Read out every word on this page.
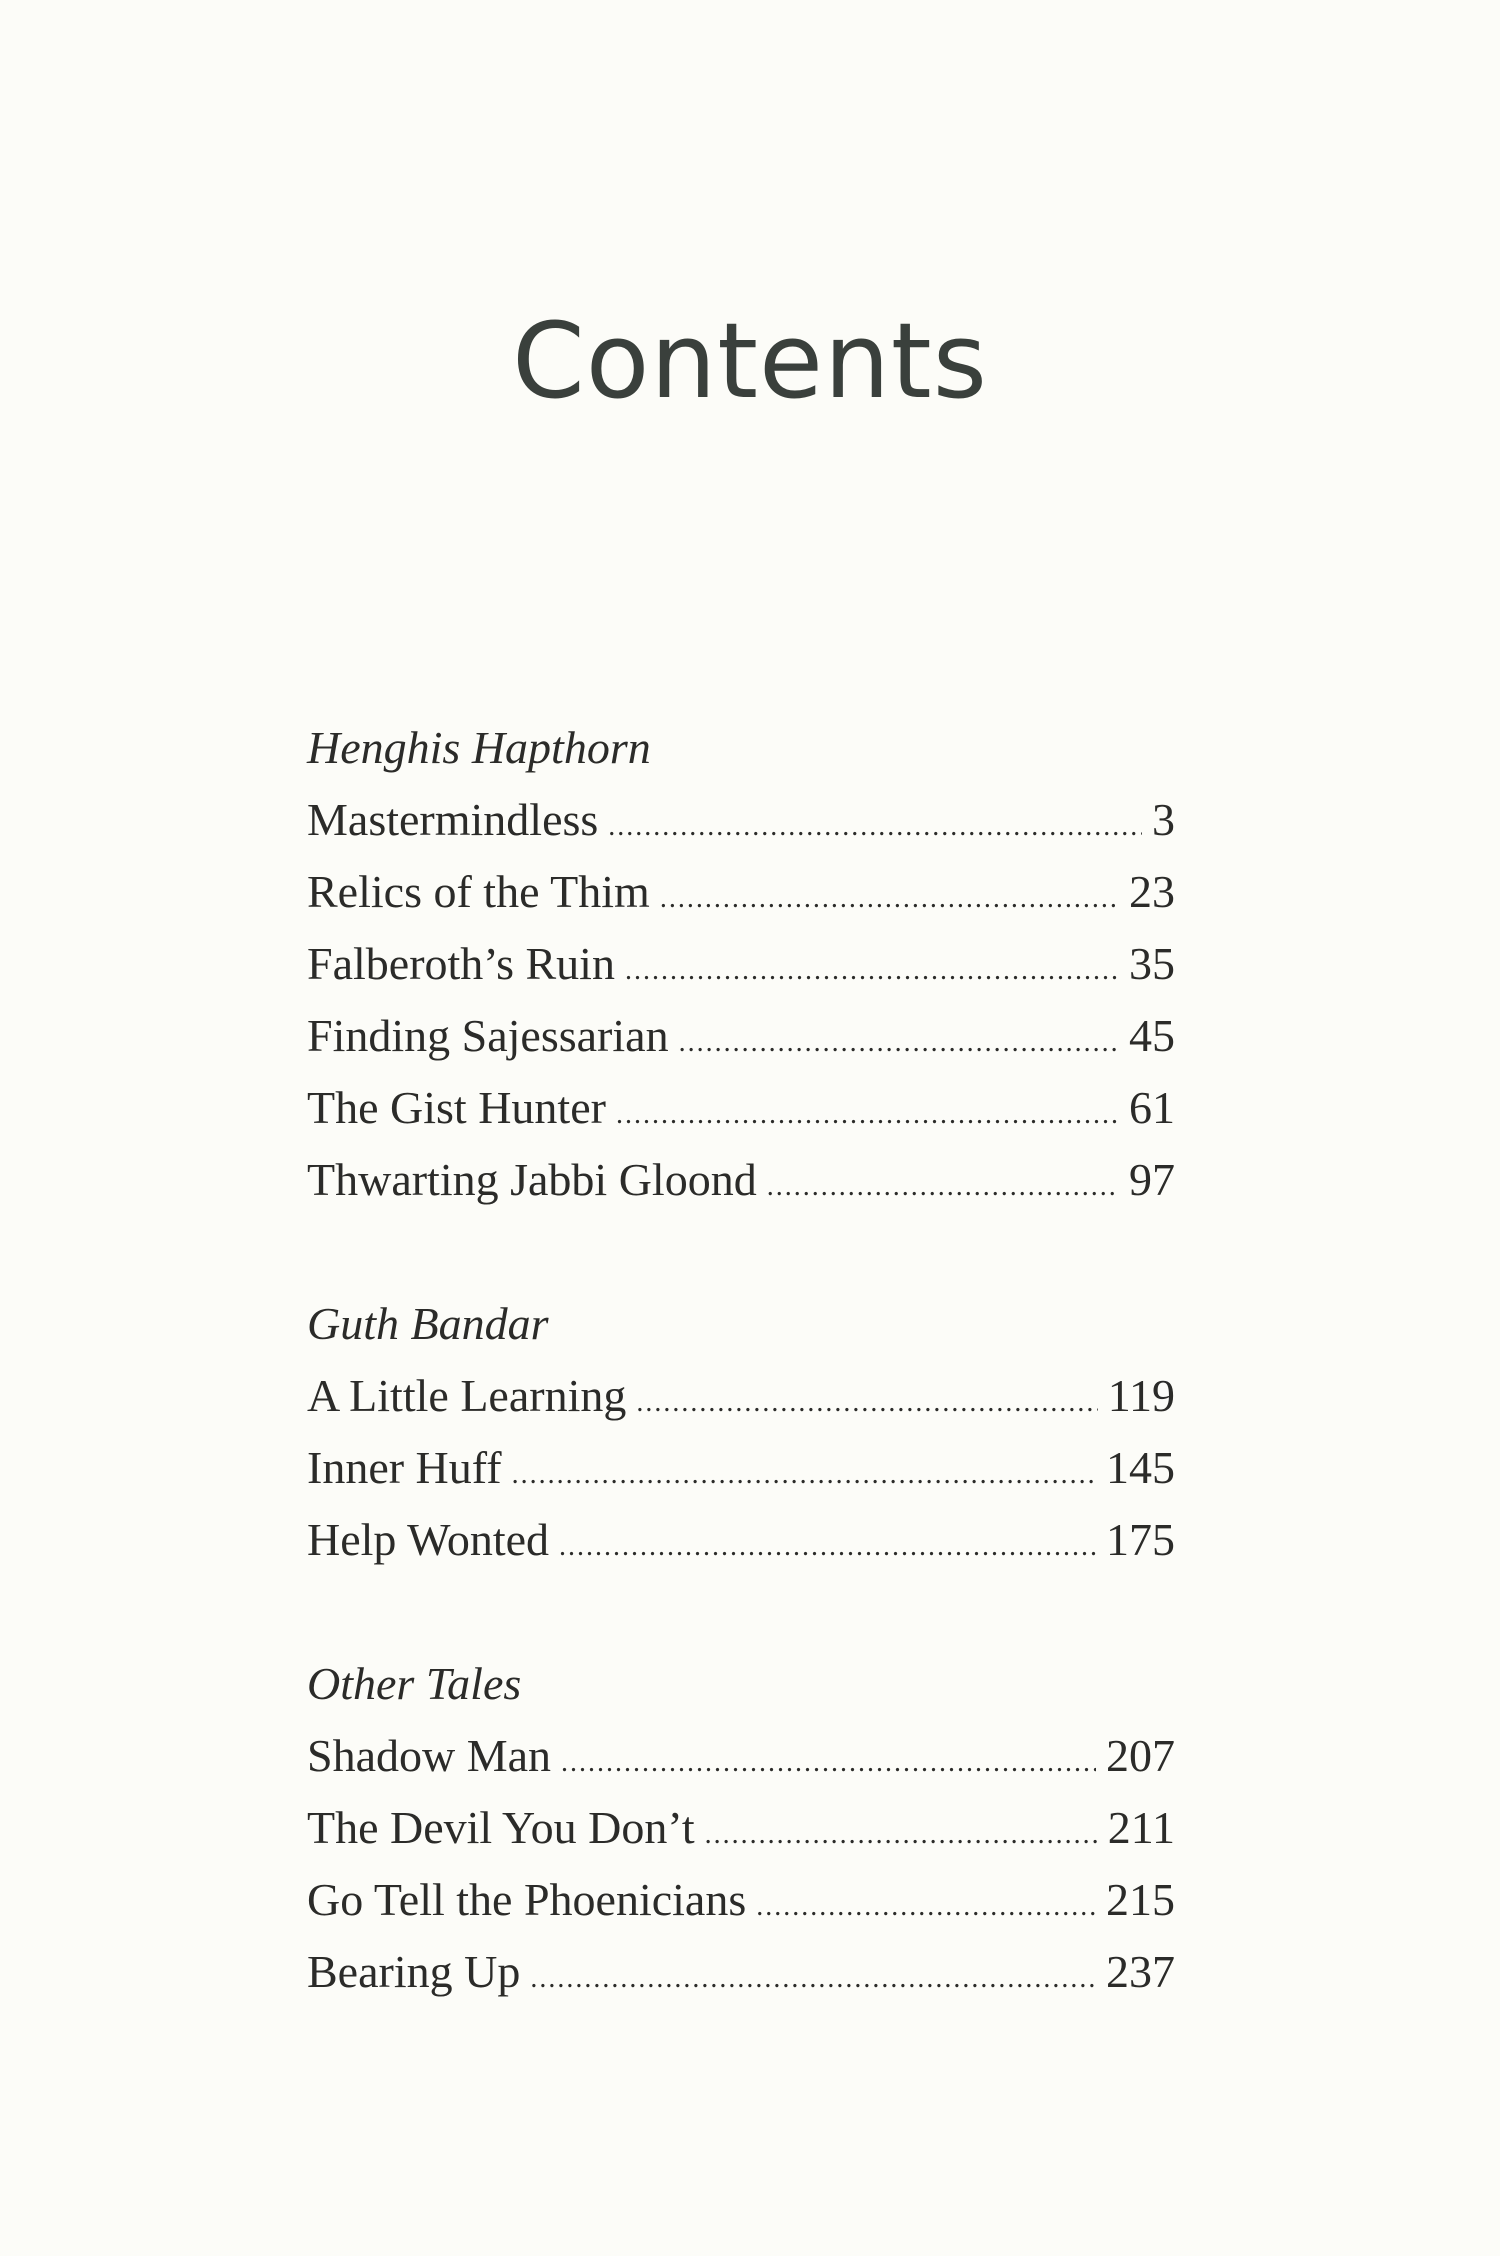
Contents
Henghis Hapthorn
Mastermindless .....	3
Relics of the Thim .....	23
Falberoth’s Ruin .....	35
Finding Sajessarian .....	45
The Gist Hunter .....	61
Thwarting Jabbi Gloond .....	97
Guth Bandar
A Little Learning .....	119
Inner Huff .....	145
Help Wonted .....	175
Other Tales
Shadow Man .....	207
The Devil You Don’t .....	211
Go Tell the Phoenicians .....	215
Bearing Up .....	237
